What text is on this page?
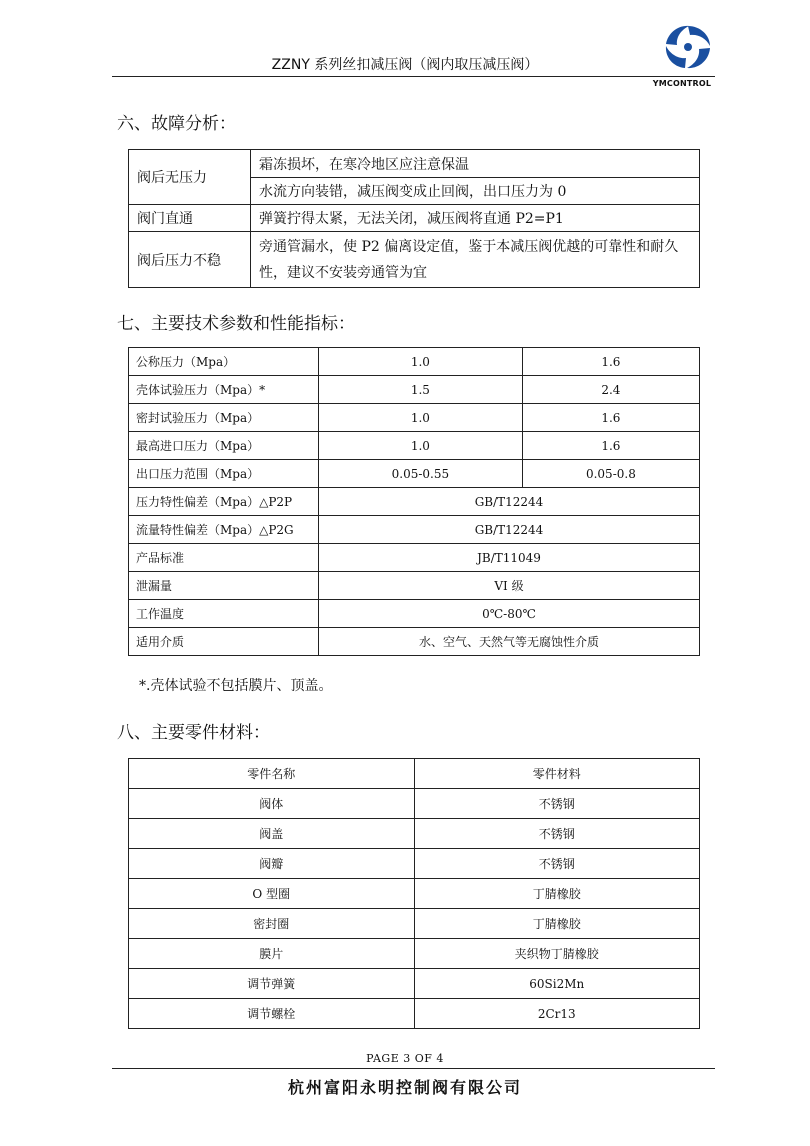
ZZNY 系列丝扣减压阀（阀内取压减压阀）
YMCONTROL
六、故障分析：
阀后无压力	霜冻损坏，在寒冷地区应注意保温
	水流方向装错，减压阀变成止回阀，出口压力为 0
阀门直通	弹簧拧得太紧，无法关闭，减压阀将直通 P2=P1
阀后压力不稳	旁通管漏水，使 P2 偏离设定值，鉴于本减压阀优越的可靠性和耐久性，建议不安装旁通管为宜
七、主要技术参数和性能指标：
公称压力（Mpa）	1.0	1.6
壳体试验压力（Mpa）*	1.5	2.4
密封试验压力（Mpa）	1.0	1.6
最高进口压力（Mpa）	1.0	1.6
出口压力范围（Mpa）	0.05-0.55	0.05-0.8
压力特性偏差（Mpa）△P2P	GB/T12244	
流量特性偏差（Mpa）△P2G	GB/T12244	
产品标准	JB/T11049	
泄漏量	VI 级	
工作温度	0℃-80℃	
适用介质	水、空气、天然气等无腐蚀性介质	
*.壳体试验不包括膜片、顶盖。
八、主要零件材料：
零件名称	零件材料
阀体	不锈钢
阀盖	不锈钢
阀瓣	不锈钢
O 型圈	丁腈橡胶
密封圈	丁腈橡胶
膜片	夹织物丁腈橡胶
调节弹簧	60Si2Mn
调节螺栓	2Cr13
PAGE 3 OF 4
杭州富阳永明控制阀有限公司
